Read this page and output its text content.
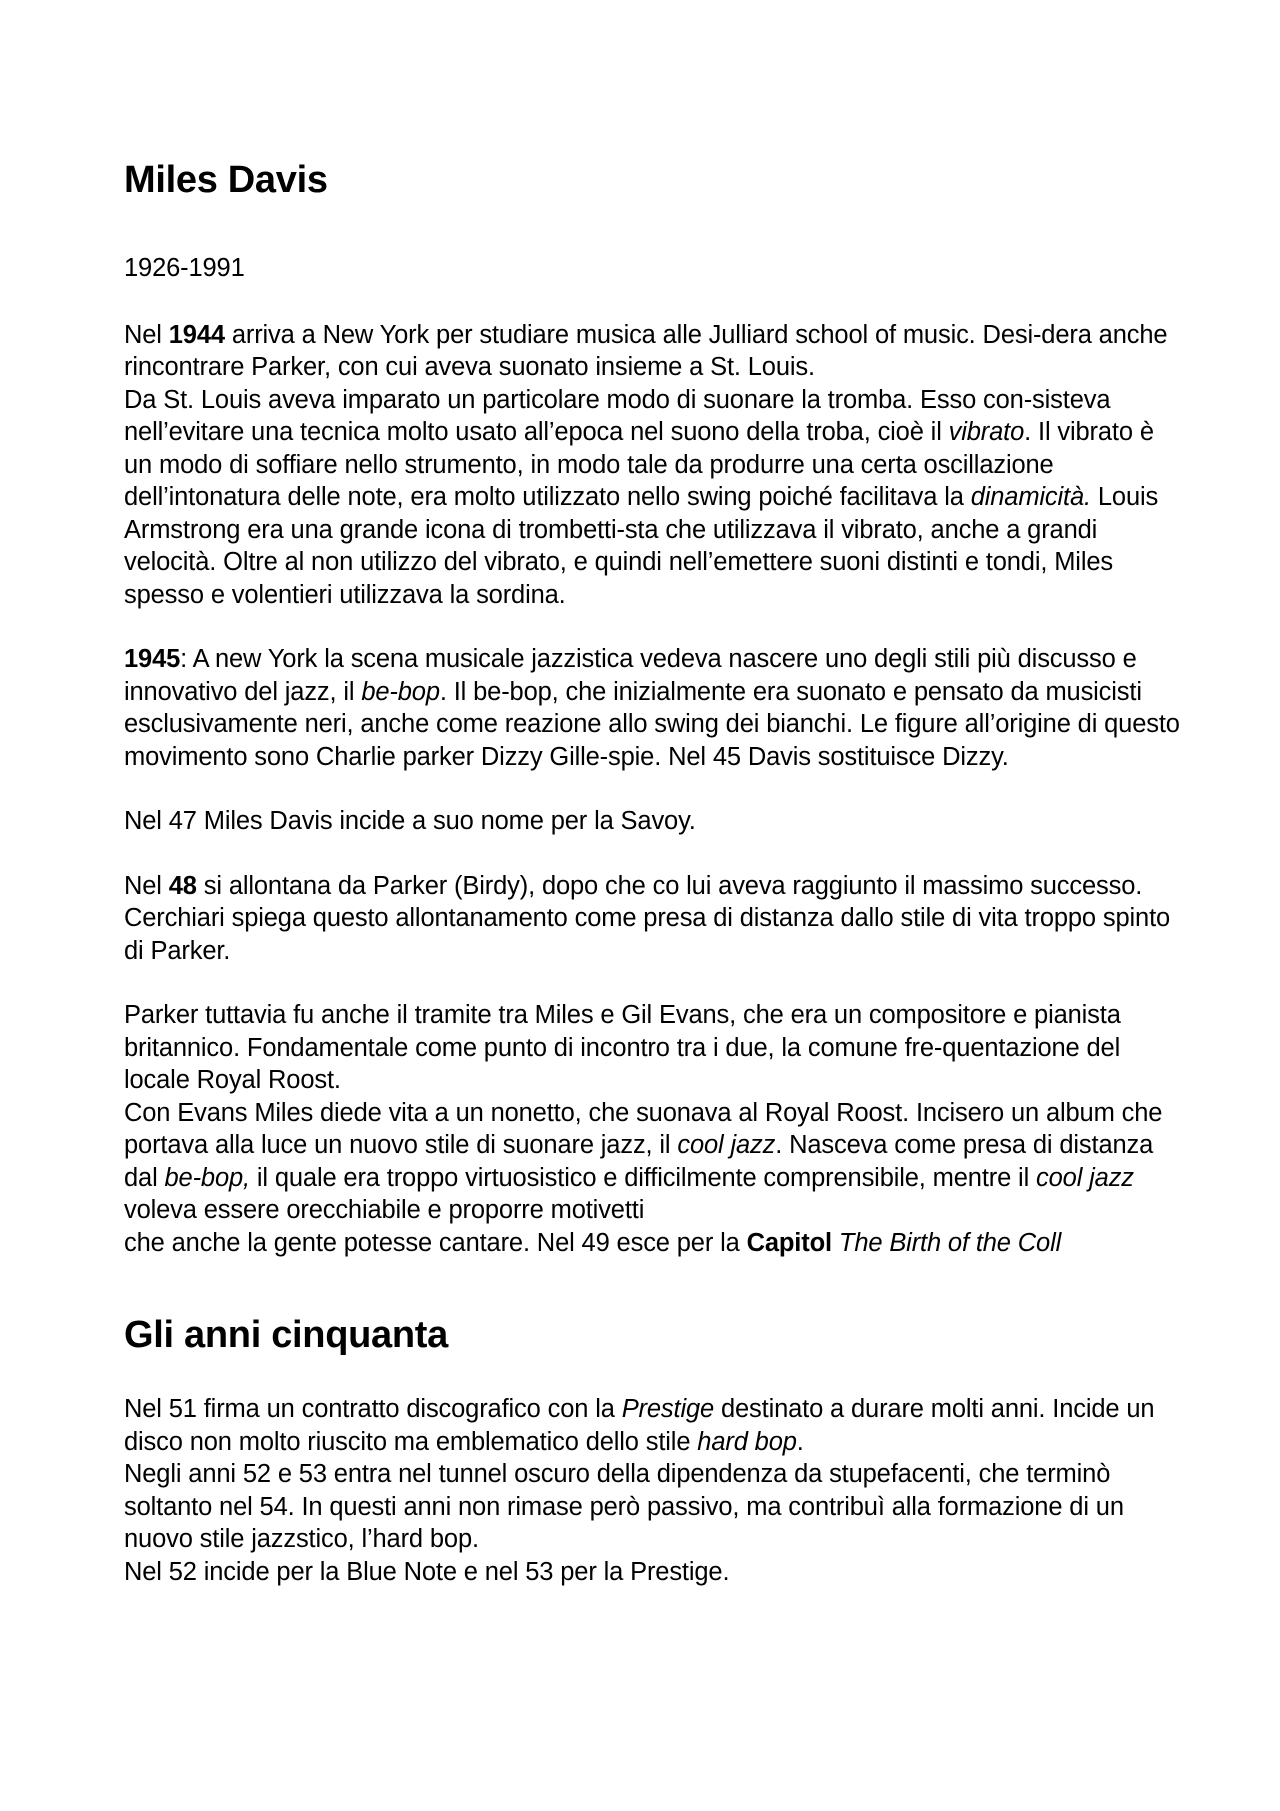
Miles Davis

1926-1991

Nel 1944 arriva a New York per studiare musica alle Julliard school of music. Desi-dera anche rincontrare Parker, con cui aveva suonato insieme a St. Louis.
Da St. Louis aveva imparato un particolare modo di suonare la tromba. Esso con-sisteva nell’evitare una tecnica molto usato all’epoca nel suono della troba, cioè il vibrato. Il vibrato è un modo di soffiare nello strumento, in modo tale da produrre una certa oscillazione dell’intonatura delle note, era molto utilizzato nello swing poiché facilitava la dinamicità. Louis Armstrong era una grande icona di trombetti-sta che utilizzava il vibrato, anche a grandi velocità. Oltre al non utilizzo del vibrato, e quindi nell’emettere suoni distinti e tondi, Miles spesso e volentieri utilizzava la sordina.

1945: A new York la scena musicale jazzistica vedeva nascere uno degli stili più discusso e innovativo del jazz, il be-bop. Il be-bop, che inizialmente era suonato e pensato da musicisti esclusivamente neri, anche come reazione allo swing dei bianchi. Le figure all’origine di questo movimento sono Charlie parker Dizzy Gille-spie. Nel 45 Davis sostituisce Dizzy.

Nel 47 Miles Davis incide a suo nome per la Savoy.

Nel 48 si allontana da Parker (Birdy), dopo che co lui aveva raggiunto il massimo successo. Cerchiari spiega questo allontanamento come presa di distanza dallo stile di vita troppo spinto di Parker.

Parker tuttavia fu anche il tramite tra Miles e Gil Evans, che era un compositore e pianista britannico. Fondamentale come punto di incontro tra i due, la comune fre-quentazione del locale Royal Roost.
Con Evans Miles diede vita a un nonetto, che suonava al Royal Roost. Incisero un album che portava alla luce un nuovo stile di suonare jazz, il cool jazz. Nasceva come presa di distanza dal be-bop, il quale era troppo virtuosistico e difficilmente comprensibile, mentre il cool jazz voleva essere orecchiabile e proporre motivetti
che anche la gente potesse cantare. Nel 49 esce per la Capitol The Birth of the Coll

Gli anni cinquanta

Nel 51 firma un contratto discografico con la Prestige destinato a durare molti anni. Incide un disco non molto riuscito ma emblematico dello stile hard bop.
Negli anni 52 e 53 entra nel tunnel oscuro della dipendenza da stupefacenti, che terminò soltanto nel 54. In questi anni non rimase però passivo, ma contribuì alla formazione di un nuovo stile jazzstico, l’hard bop.
Nel 52 incide per la Blue Note e nel 53 per la Prestige.
